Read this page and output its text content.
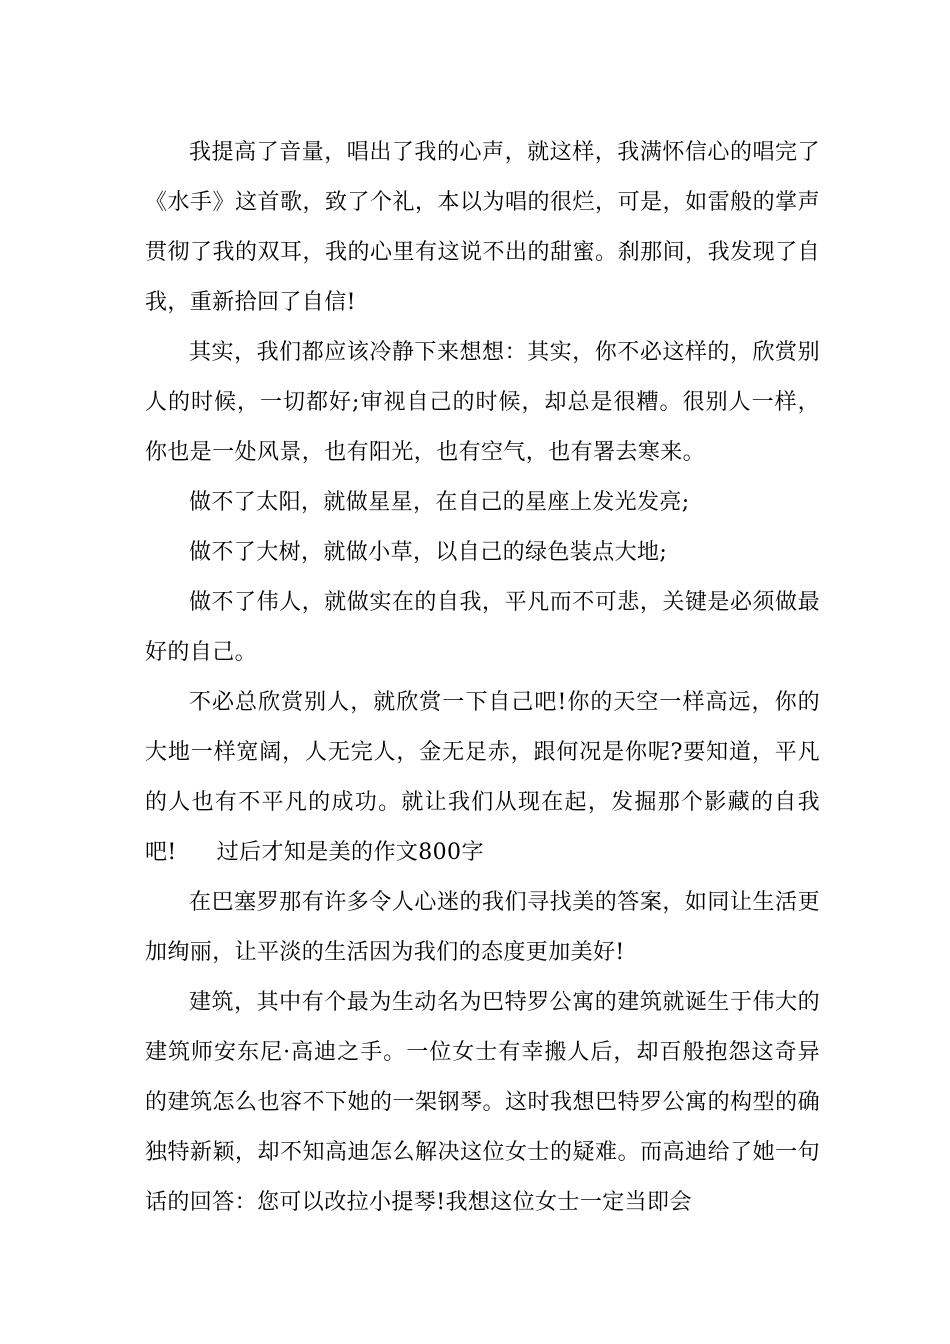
我提高了音量，唱出了我的心声，就这样，我满怀信心的唱完了《水手》这首歌，致了个礼，本以为唱的很烂，可是，如雷般的掌声贯彻了我的双耳，我的心里有这说不出的甜蜜。刹那间，我发现了自我，重新拾回了自信!

其实，我们都应该冷静下来想想：其实，你不必这样的，欣赏别人的时候，一切都好;审视自己的时候，却总是很糟。很别人一样，你也是一处风景，也有阳光，也有空气，也有署去寒来。

做不了太阳，就做星星，在自己的星座上发光发亮;

做不了大树，就做小草，以自己的绿色装点大地;

做不了伟人，就做实在的自我，平凡而不可悲，关键是必须做最好的自己。

不必总欣赏别人，就欣赏一下自己吧!你的天空一样高远，你的大地一样宽阔，人无完人，金无足赤，跟何况是你呢?要知道，平凡的人也有不平凡的成功。就让我们从现在起，发掘那个影藏的自我吧! 过后才知是美的作文800字

在巴塞罗那有许多令人心迷的我们寻找美的答案，如同让生活更加绚丽，让平淡的生活因为我们的态度更加美好!

建筑，其中有个最为生动名为巴特罗公寓的建筑就诞生于伟大的建筑师安东尼·高迪之手。一位女士有幸搬人后，却百般抱怨这奇异的建筑怎么也容不下她的一架钢琴。这时我想巴特罗公寓的构型的确独特新颖，却不知高迪怎么解决这位女士的疑难。而高迪给了她一句话的回答：您可以改拉小提琴!我想这位女士一定当即会
